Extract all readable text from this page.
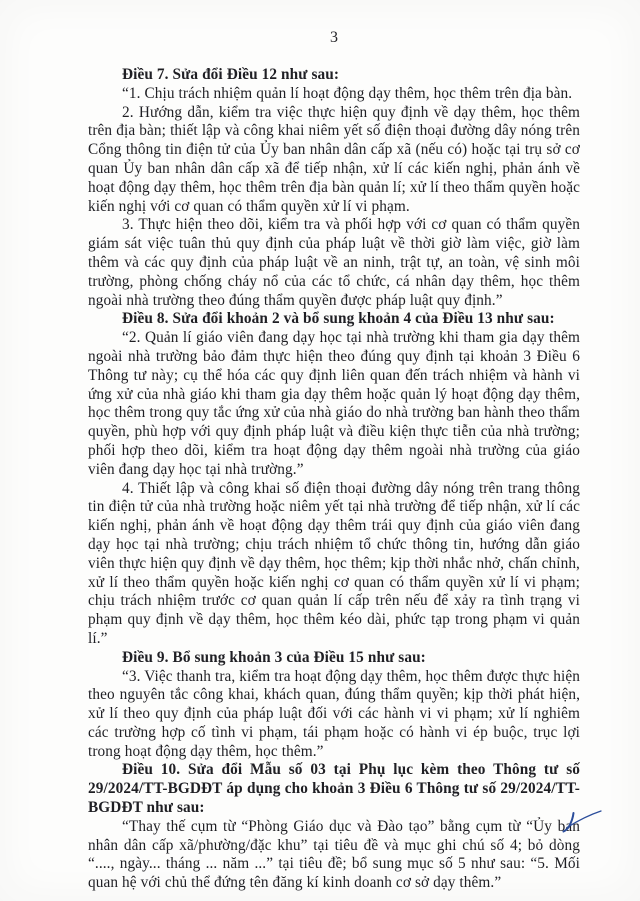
3

Điều 7. Sửa đổi Điều 12 như sau:

“1. Chịu trách nhiệm quản lí hoạt động dạy thêm, học thêm trên địa bàn.

2. Hướng dẫn, kiểm tra việc thực hiện quy định về dạy thêm, học thêm trên địa bàn; thiết lập và công khai niêm yết số điện thoại đường dây nóng trên Cổng thông tin điện tử của Ủy ban nhân dân cấp xã (nếu có) hoặc tại trụ sở cơ quan Ủy ban nhân dân cấp xã để tiếp nhận, xử lí các kiến nghị, phản ánh về hoạt động dạy thêm, học thêm trên địa bàn quản lí; xử lí theo thẩm quyền hoặc kiến nghị với cơ quan có thẩm quyền xử lí vi phạm.

3. Thực hiện theo dõi, kiểm tra và phối hợp với cơ quan có thẩm quyền giám sát việc tuân thủ quy định của pháp luật về thời giờ làm việc, giờ làm thêm và các quy định của pháp luật về an ninh, trật tự, an toàn, vệ sinh môi trường, phòng chống cháy nổ của các tổ chức, cá nhân dạy thêm, học thêm ngoài nhà trường theo đúng thẩm quyền được pháp luật quy định.”

Điều 8. Sửa đổi khoản 2 và bổ sung khoản 4 của Điều 13 như sau:

“2. Quản lí giáo viên đang dạy học tại nhà trường khi tham gia dạy thêm ngoài nhà trường bảo đảm thực hiện theo đúng quy định tại khoản 3 Điều 6 Thông tư này; cụ thể hóa các quy định liên quan đến trách nhiệm và hành vi ứng xử của nhà giáo khi tham gia dạy thêm hoặc quản lý hoạt động dạy thêm, học thêm trong quy tắc ứng xử của nhà giáo do nhà trường ban hành theo thẩm quyền, phù hợp với quy định pháp luật và điều kiện thực tiễn của nhà trường; phối hợp theo dõi, kiểm tra hoạt động dạy thêm ngoài nhà trường của giáo viên đang dạy học tại nhà trường.”

4. Thiết lập và công khai số điện thoại đường dây nóng trên trang thông tin điện tử của nhà trường hoặc niêm yết tại nhà trường để tiếp nhận, xử lí các kiến nghị, phản ánh về hoạt động dạy thêm trái quy định của giáo viên đang dạy học tại nhà trường; chịu trách nhiệm tổ chức thông tin, hướng dẫn giáo viên thực hiện quy định về dạy thêm, học thêm; kịp thời nhắc nhở, chấn chỉnh, xử lí theo thẩm quyền hoặc kiến nghị cơ quan có thẩm quyền xử lí vi phạm; chịu trách nhiệm trước cơ quan quản lí cấp trên nếu để xảy ra tình trạng vi phạm quy định về dạy thêm, học thêm kéo dài, phức tạp trong phạm vi quản lí.”

Điều 9. Bổ sung khoản 3 của Điều 15 như sau:

“3. Việc thanh tra, kiểm tra hoạt động dạy thêm, học thêm được thực hiện theo nguyên tắc công khai, khách quan, đúng thẩm quyền; kịp thời phát hiện, xử lí theo quy định của pháp luật đối với các hành vi vi phạm; xử lí nghiêm các trường hợp cố tình vi phạm, tái phạm hoặc có hành vi ép buộc, trục lợi trong hoạt động dạy thêm, học thêm.”

Điều 10. Sửa đổi Mẫu số 03 tại Phụ lục kèm theo Thông tư số 29/2024/TT-BGDĐT áp dụng cho khoản 3 Điều 6 Thông tư số 29/2024/TT-BGDĐT như sau:

“Thay thế cụm từ “Phòng Giáo dục và Đào tạo” bằng cụm từ “Ủy ban nhân dân cấp xã/phường/đặc khu” tại tiêu đề và mục ghi chú số 4; bỏ dòng “...., ngày... tháng ... năm ...” tại tiêu đề; bổ sung mục số 5 như sau: “5. Mối quan hệ với chủ thể đứng tên đăng kí kinh doanh cơ sở dạy thêm.”
